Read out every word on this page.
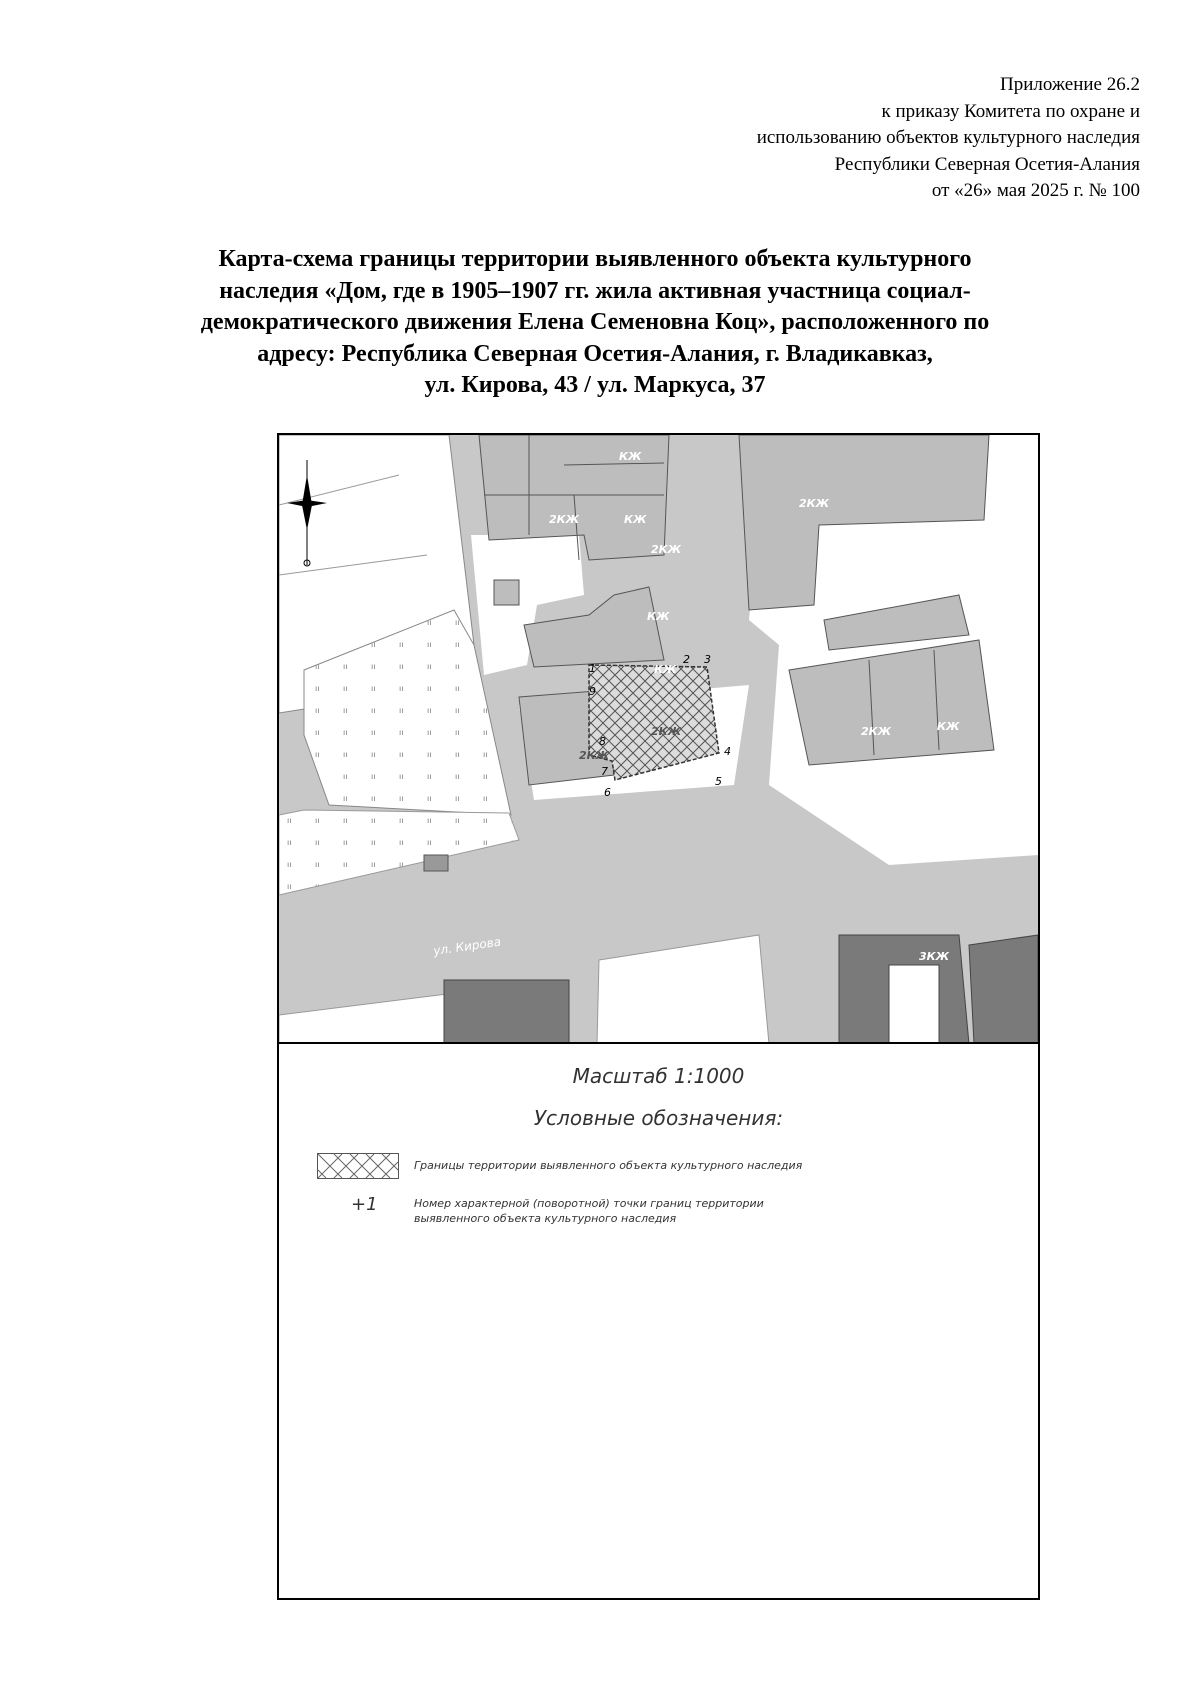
Приложение 26.2
к приказу Комитета по охране и
использованию объектов культурного наследия
Республики Северная Осетия-Алания
от «26» мая 2025 г. № 100
Карта-схема границы территории выявленного объекта культурного
наследия «Дом, где в 1905–1907 гг. жила активная участница социал-
демократического движения Елена Семеновна Коц», расположенного по
адресу: Республика Северная Осетия-Алания, г. Владикавказ,
ул. Кирова, 43 / ул. Маркуса, 37
ул. Кирова
КЖ
2КЖ	КЖ
2КЖ
КЖ
КЖ
2КЖ
2КЖ	КЖ
3КЖ
2КЖ
2КЖ
1
2 3
4
5
6
7
8
9
Масштаб 1:1000
Условные обозначения:
Границы территории выявленного объекта культурного наследия
+1	Номер характерной (поворотной) точки границ территории
выявленного объекта культурного наследия
